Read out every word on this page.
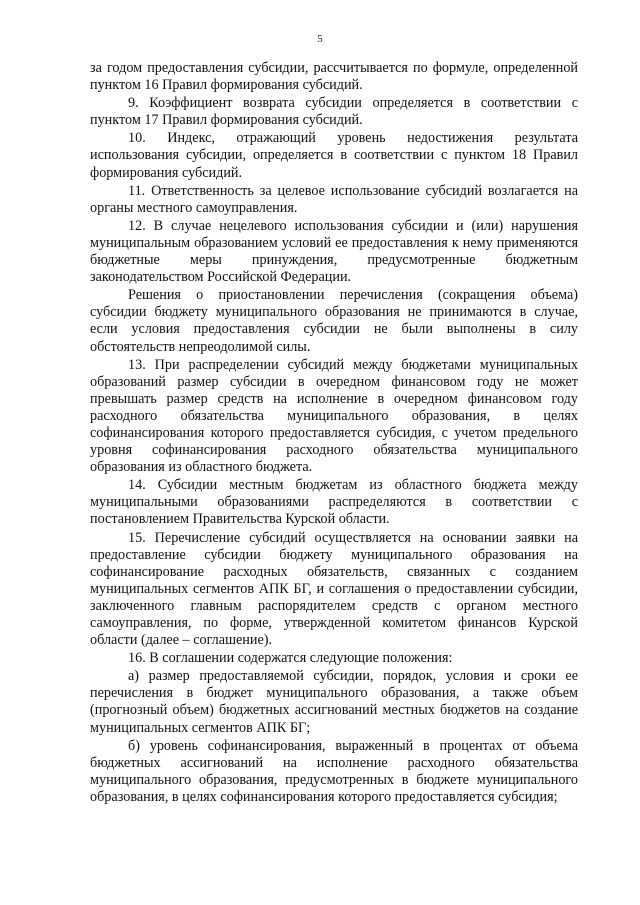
5

за годом предоставления субсидии, рассчитывается по формуле, определенной пунктом 16 Правил формирования субсидий.

9. Коэффициент возврата субсидии определяется в соответствии с пунктом 17 Правил формирования субсидий.

10. Индекс, отражающий уровень недостижения результата использования субсидии, определяется в соответствии с пунктом 18 Правил формирования субсидий.

11. Ответственность за целевое использование субсидий возлагается на органы местного самоуправления.

12. В случае нецелевого использования субсидии и (или) нарушения муниципальным образованием условий ее предоставления к нему применяются бюджетные меры принуждения, предусмотренные бюджетным законодательством Российской Федерации.

Решения о приостановлении перечисления (сокращения объема) субсидии бюджету муниципального образования не принимаются в случае, если условия предоставления субсидии не были выполнены в силу обстоятельств непреодолимой силы.

13. При распределении субсидий между бюджетами муниципальных образований размер субсидии в очередном финансовом году не может превышать размер средств на исполнение в очередном финансовом году расходного обязательства муниципального образования, в целях софинансирования которого предоставляется субсидия, с учетом предельного уровня софинансирования расходного обязательства муниципального образования из областного бюджета.

14. Субсидии местным бюджетам из областного бюджета между муниципальными образованиями распределяются в соответствии с постановлением Правительства Курской области.

15. Перечисление субсидий осуществляется на основании заявки на предоставление субсидии бюджету муниципального образования на софинансирование расходных обязательств, связанных с созданием муниципальных сегментов АПК БГ, и соглашения о предоставлении субсидии, заключенного главным распорядителем средств с органом местного самоуправления, по форме, утвержденной комитетом финансов Курской области (далее – соглашение).

16. В соглашении содержатся следующие положения:

а) размер предоставляемой субсидии, порядок, условия и сроки ее перечисления в бюджет муниципального образования, а также объем (прогнозный объем) бюджетных ассигнований местных бюджетов на создание муниципальных сегментов АПК БГ;

б) уровень софинансирования, выраженный в процентах от объема бюджетных ассигнований на исполнение расходного обязательства муниципального образования, предусмотренных в бюджете муниципального образования, в целях софинансирования которого предоставляется субсидия;
